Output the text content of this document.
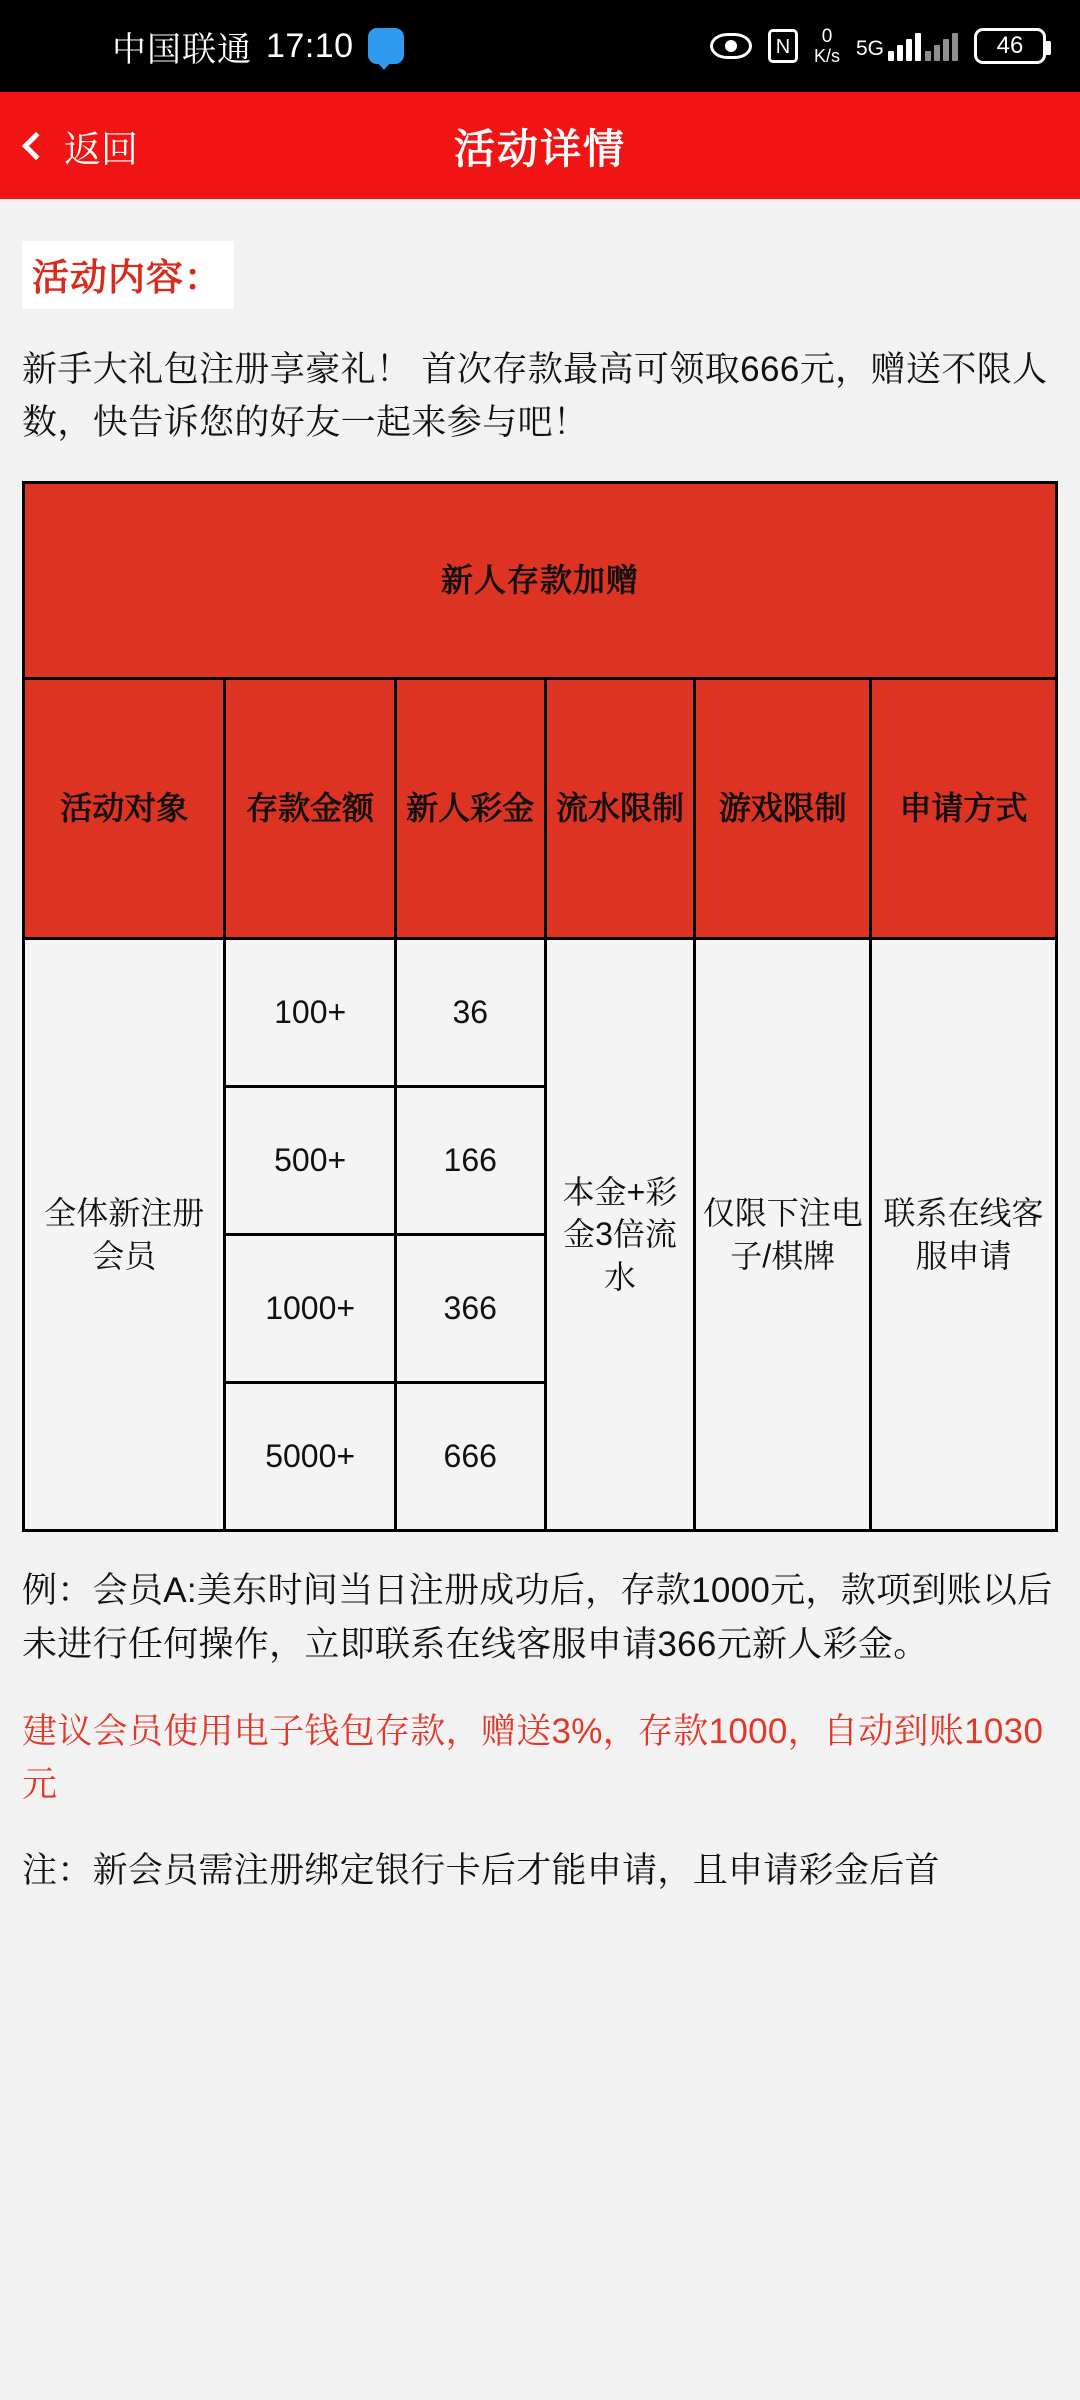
中国联通 17:10	N	0
K/s 5G	46
返回	活动详情
活动内容：
新手大礼包注册享豪礼！ 首次存款最高可领取666元，赠送不限人数，快告诉您的好友一起来参与吧！
新人存款加赠					
活动对象	存款金额	新人彩金	流水限制	游戏限制	申请方式
全体新注册会员	100+	36	本金+彩金3倍流水	仅限下注电子/棋牌	联系在线客服申请
	500+	166			
	1000+	366			
	5000+	666			
例：会员A:美东时间当日注册成功后，存款1000元，款项到账以后未进行任何操作，立即联系在线客服申请366元新人彩金。
建议会员使用电子钱包存款，赠送3%，存款1000，自动到账1030元
注：新会员需注册绑定银行卡后才能申请，且申请彩金后首
